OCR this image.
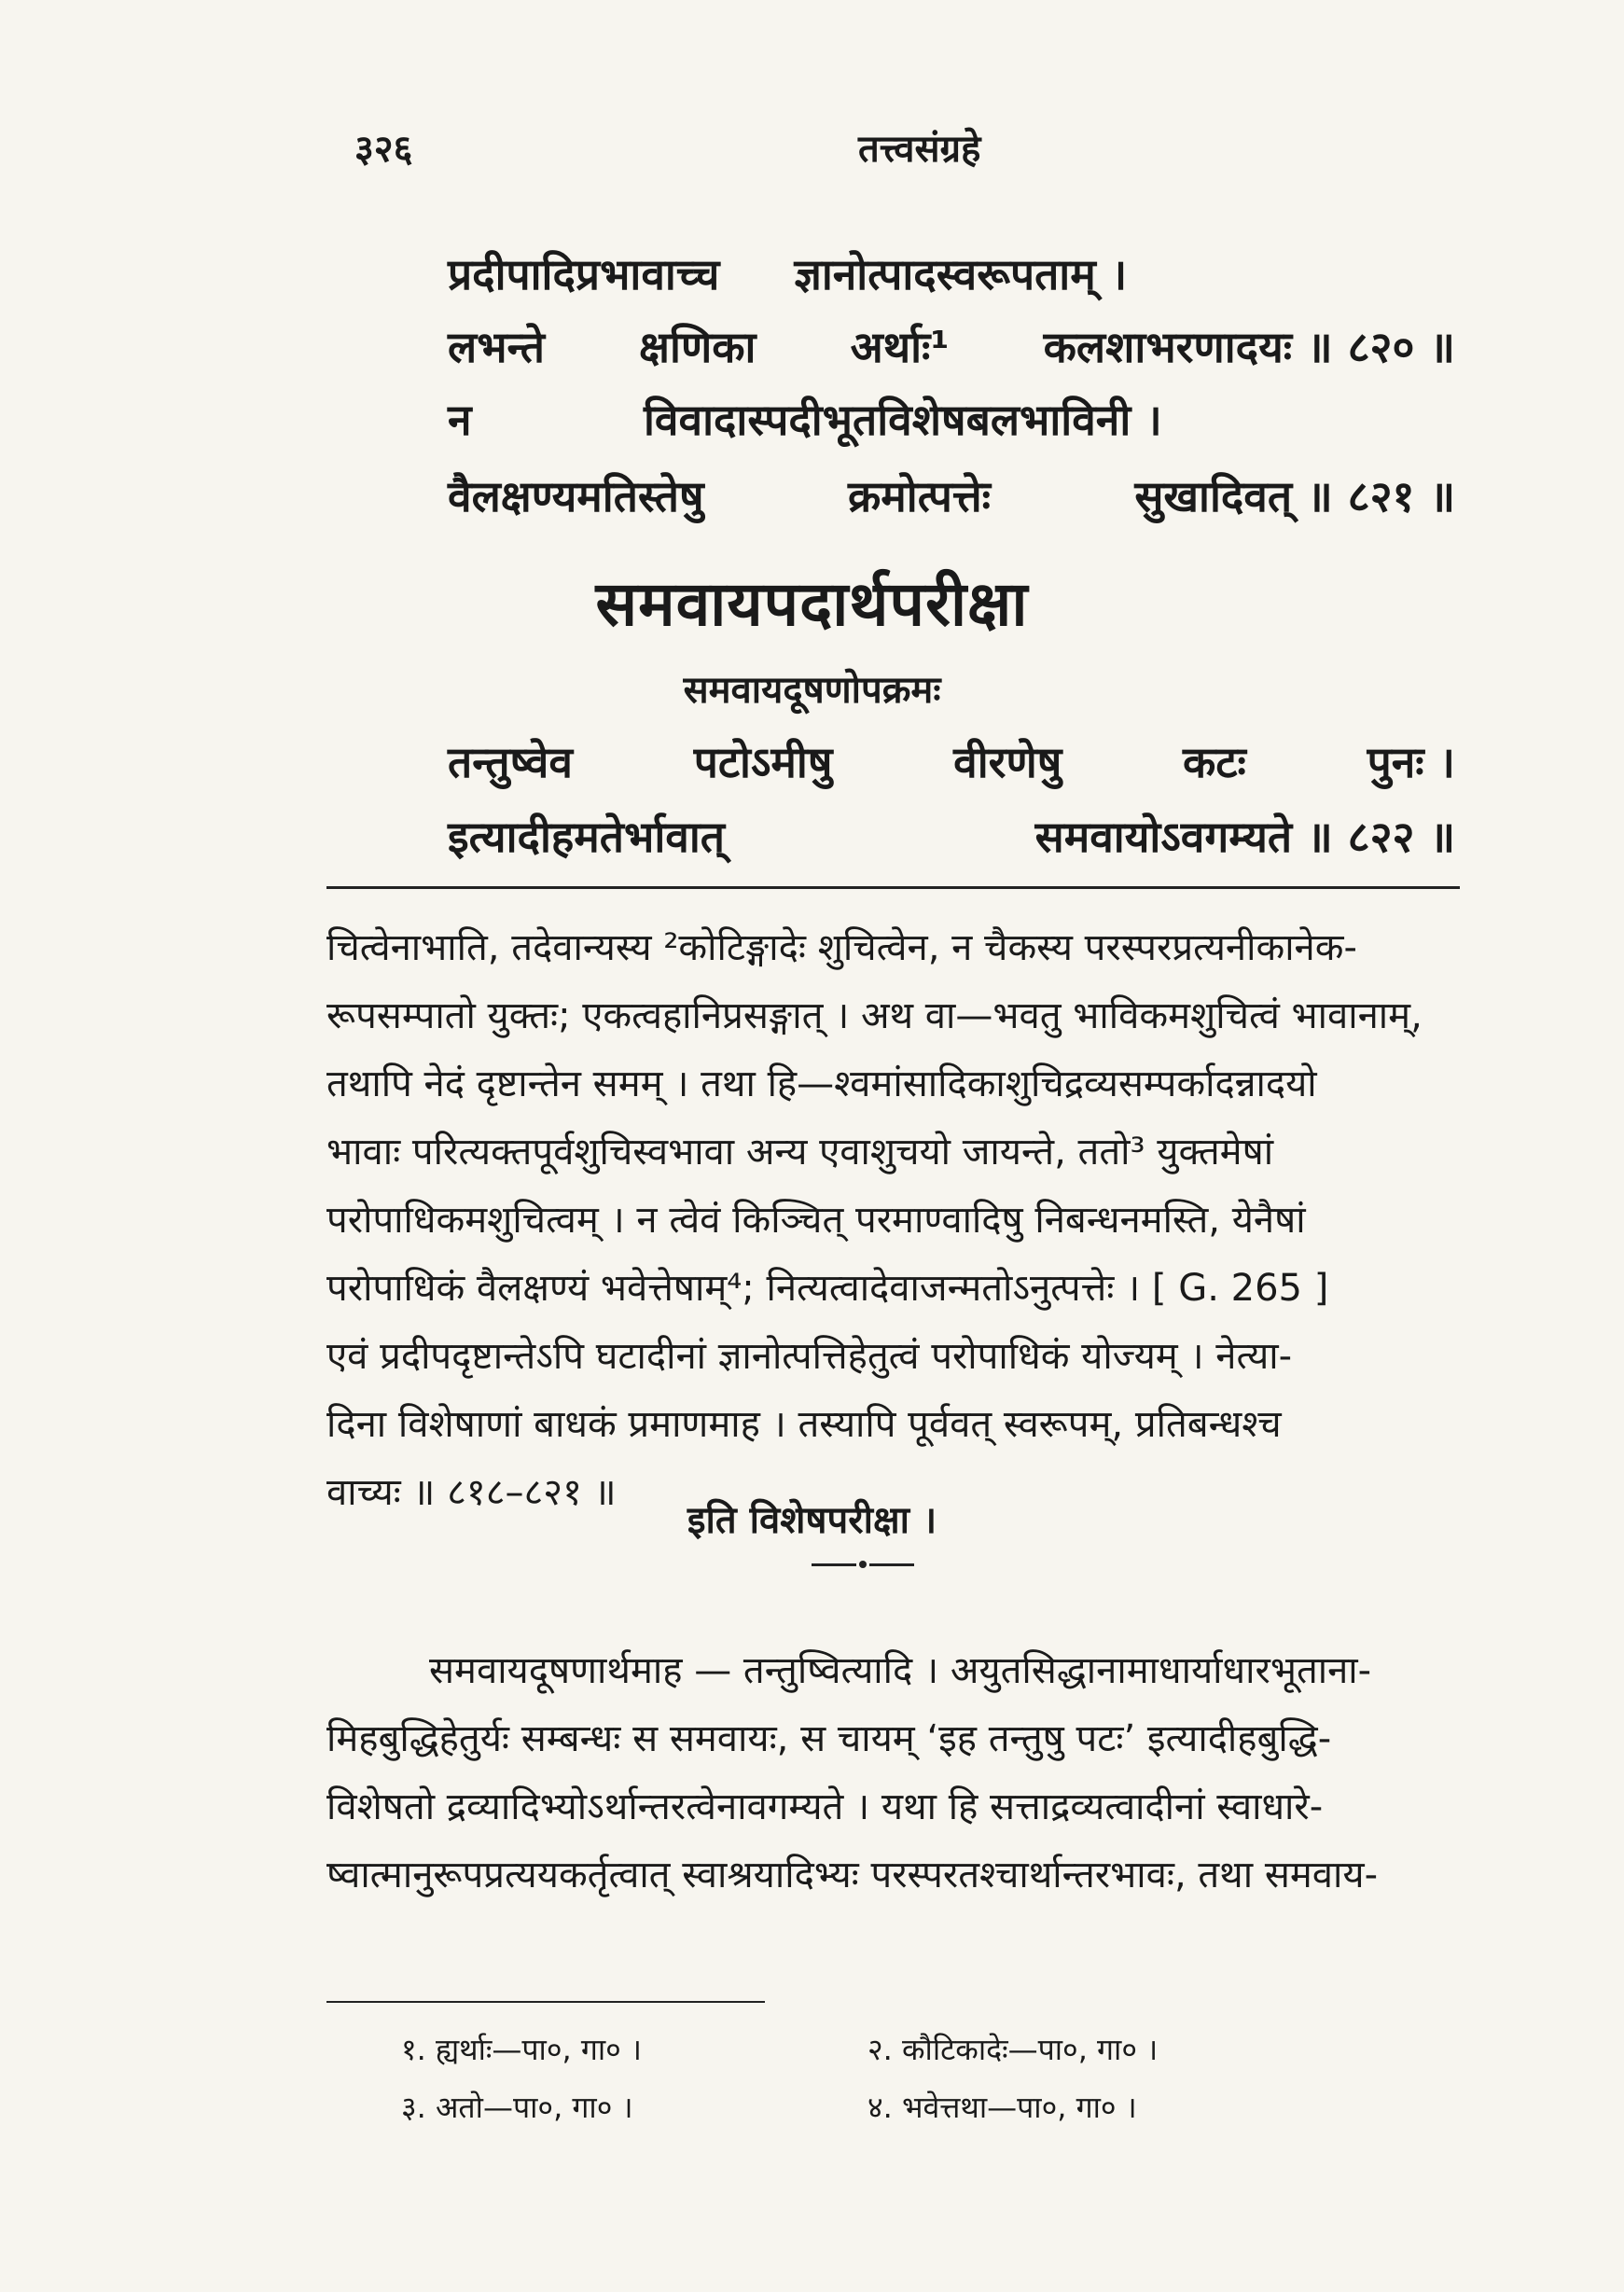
३२६	तत्त्वसंग्रहे
प्रदीपादिप्रभावाच्च ज्ञानोत्पादस्वरूपताम् ।
लभन्ते क्षणिका अर्थाः¹ कलशाभरणादयः ॥ ८२० ॥
न	विवादास्पदीभूतविशेषबलभाविनी ।
वैलक्षण्यमतिस्तेषु	क्रमोत्पत्तेः	सुखादिवत् ॥ ८२१ ॥
समवायपदार्थपरीक्षा
समवायदूषणोपक्रमः
तन्तुष्वेव	पटोऽमीषु	वीरणेषु	कटः	पुनः ।
इत्यादीहमतेर्भावात्	समवायोऽवगम्यते ॥ ८२२ ॥
चित्वेनाभाति, तदेवान्यस्य ²कोटिङ्गादेः शुचित्वेन, न चैकस्य परस्परप्रत्यनीकानेक-
रूपसम्पातो युक्तः; एकत्वहानिप्रसङ्गात् । अथ वा—भवतु भाविकमशुचित्वं भावानाम्,
तथापि नेदं दृष्टान्तेन समम् । तथा हि—श्वमांसादिकाशुचिद्रव्यसम्पर्कादन्नादयो
भावाः परित्यक्तपूर्वशुचिस्वभावा अन्य एवाशुचयो जायन्ते, ततो³ युक्तमेषां
परोपाधिकमशुचित्वम् । न त्वेवं किञ्चित् परमाण्वादिषु निबन्धनमस्ति, येनैषां
परोपाधिकं वैलक्षण्यं भवेत्तेषाम्⁴; नित्यत्वादेवाजन्मतोऽनुत्पत्तेः । [ G. 265 ]
एवं प्रदीपदृष्टान्तेऽपि घटादीनां ज्ञानोत्पत्तिहेतुत्वं परोपाधिकं योज्यम् । नेत्या-
दिना विशेषाणां बाधकं प्रमाणमाह । तस्यापि पूर्ववत् स्वरूपम्, प्रतिबन्धश्च
वाच्यः ॥ ८१८–८२१ ॥
इति विशेषपरीक्षा ।
समवायदूषणार्थमाह — तन्तुष्वित्यादि । अयुतसिद्धानामाधार्याधारभूताना-
मिहबुद्धिहेतुर्यः सम्बन्धः स समवायः, स चायम् ‘इह तन्तुषु पटः’ इत्यादीहबुद्धि-
विशेषतो द्रव्यादिभ्योऽर्थान्तरत्वेनावगम्यते । यथा हि सत्ताद्रव्यत्वादीनां स्वाधारे-
ष्वात्मानुरूपप्रत्ययकर्तृत्वात् स्वाश्रयादिभ्यः परस्परतश्चार्थान्तरभावः, तथा समवाय-
१. ह्यर्थाः—पा०, गा० ।	२. कौटिकादेः—पा०, गा० ।
३. अतो—पा०, गा० ।	४. भवेत्तथा—पा०, गा० ।
